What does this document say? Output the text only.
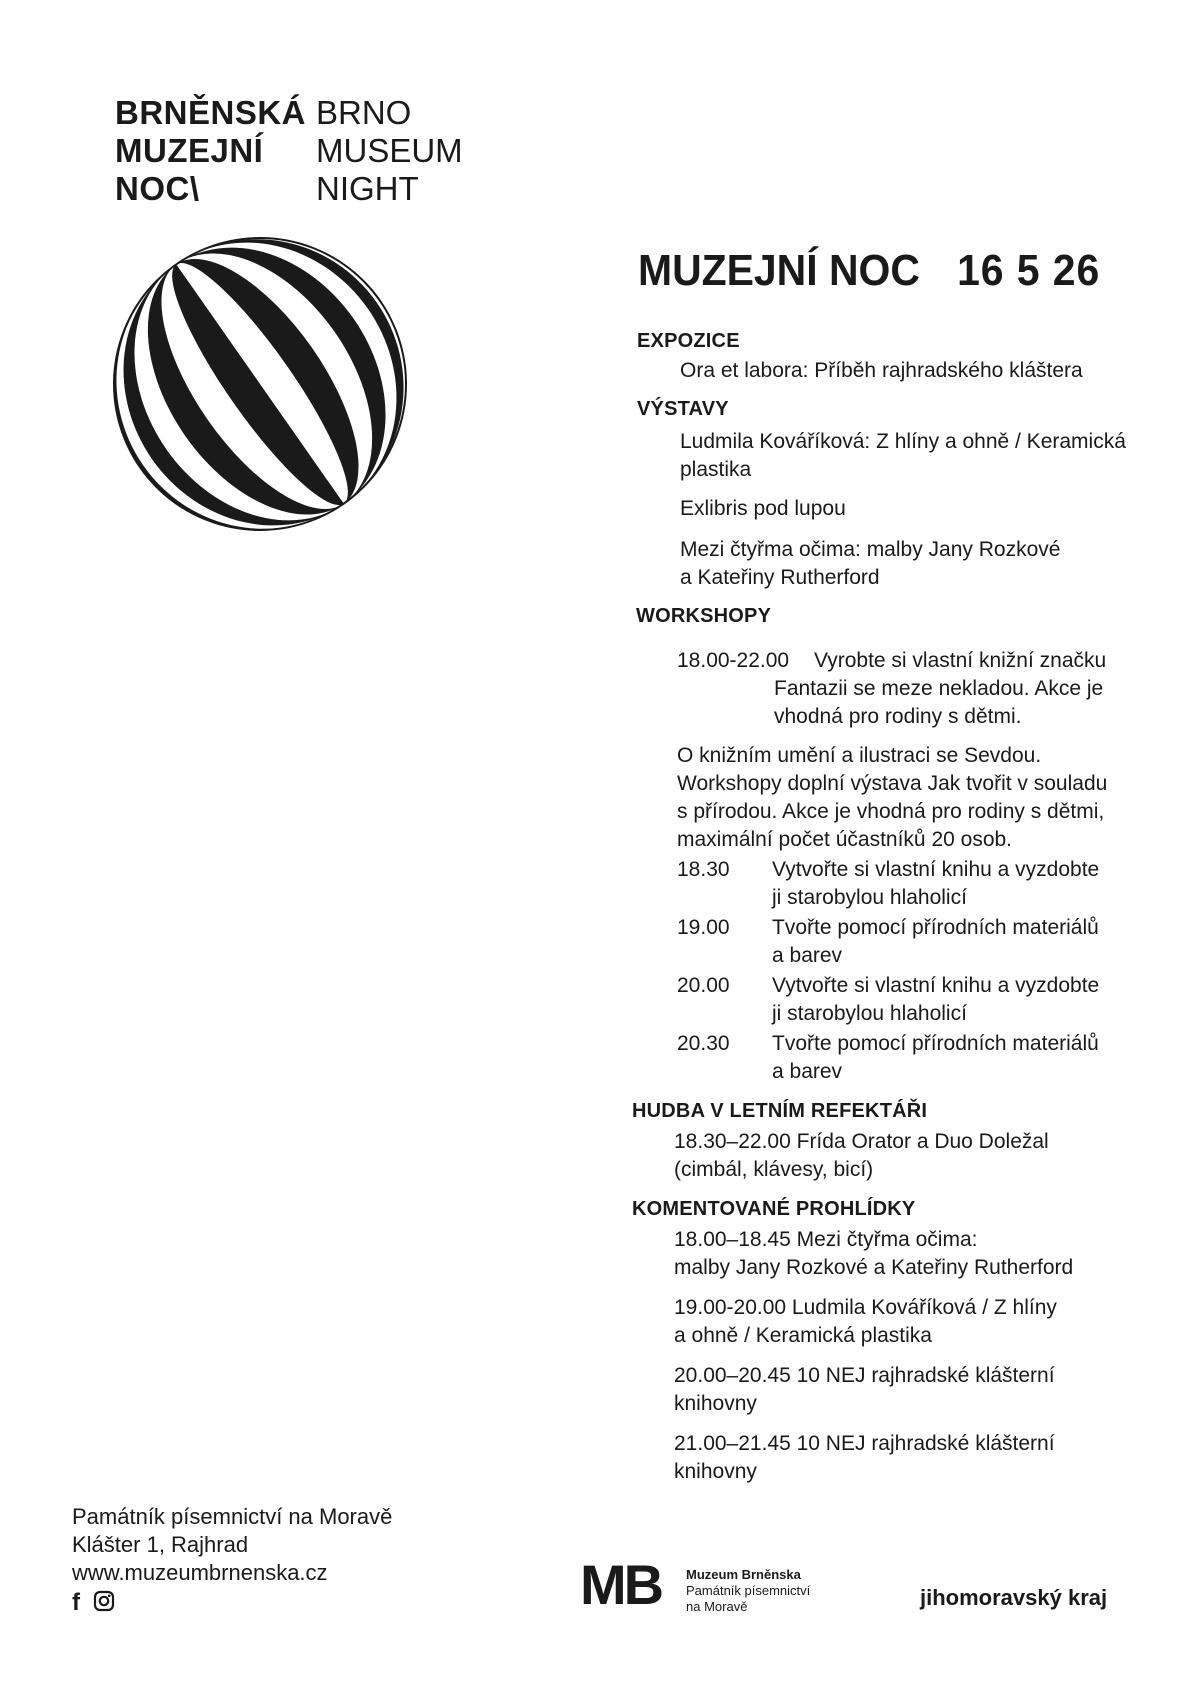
BRNĚNSKÁ
MUZEJNÍ
NOC\
BRNO
MUSEUM
NIGHT
MUZEJNÍ NOC 16 5 26
EXPOZICE
Ora et labora: Příběh rajhradského kláštera
VÝSTAVY
Ludmila Kováříková: Z hlíny a ohně / Keramická
plastika
Exlibris pod lupou
Mezi čtyřma očima: malby Jany Rozkové
a Kateřiny Rutherford
WORKSHOPY
18.00-22.00 Vyrobte si vlastní knižní značku
Fantazii se meze nekladou. Akce je
vhodná pro rodiny s dětmi.
O knižním umění a ilustraci se Sevdou.
Workshopy doplní výstava Jak tvořit v souladu
s přírodou. Akce je vhodná pro rodiny s dětmi,
maximální počet účastníků 20 osob.
18.30 Vytvořte si vlastní knihu a vyzdobte
ji starobylou hlaholicí
19.00 Tvořte pomocí přírodních materiálů
a barev
20.00 Vytvořte si vlastní knihu a vyzdobte
ji starobylou hlaholicí
20.30 Tvořte pomocí přírodních materiálů
a barev
HUDBA V LETNÍM REFEKTÁŘI
18.30–22.00 Frída Orator a Duo Doležal
(cimbál, klávesy, bicí)
KOMENTOVANÉ PROHLÍDKY
18.00–18.45 Mezi čtyřma očima:
malby Jany Rozkové a Kateřiny Rutherford
19.00-20.00 Ludmila Kováříková / Z hlíny
a ohně / Keramická plastika
20.00–20.45 10 NEJ rajhradské klášterní
knihovny
21.00–21.45 10 NEJ rajhradské klášterní
knihovny
Památník písemnictví na Moravě
Klášter 1, Rajhrad
www.muzeumbrnenska.cz
f	MB Muzeum Brněnska
Památník písemnictví
na Moravě	jihomoravský kraj
